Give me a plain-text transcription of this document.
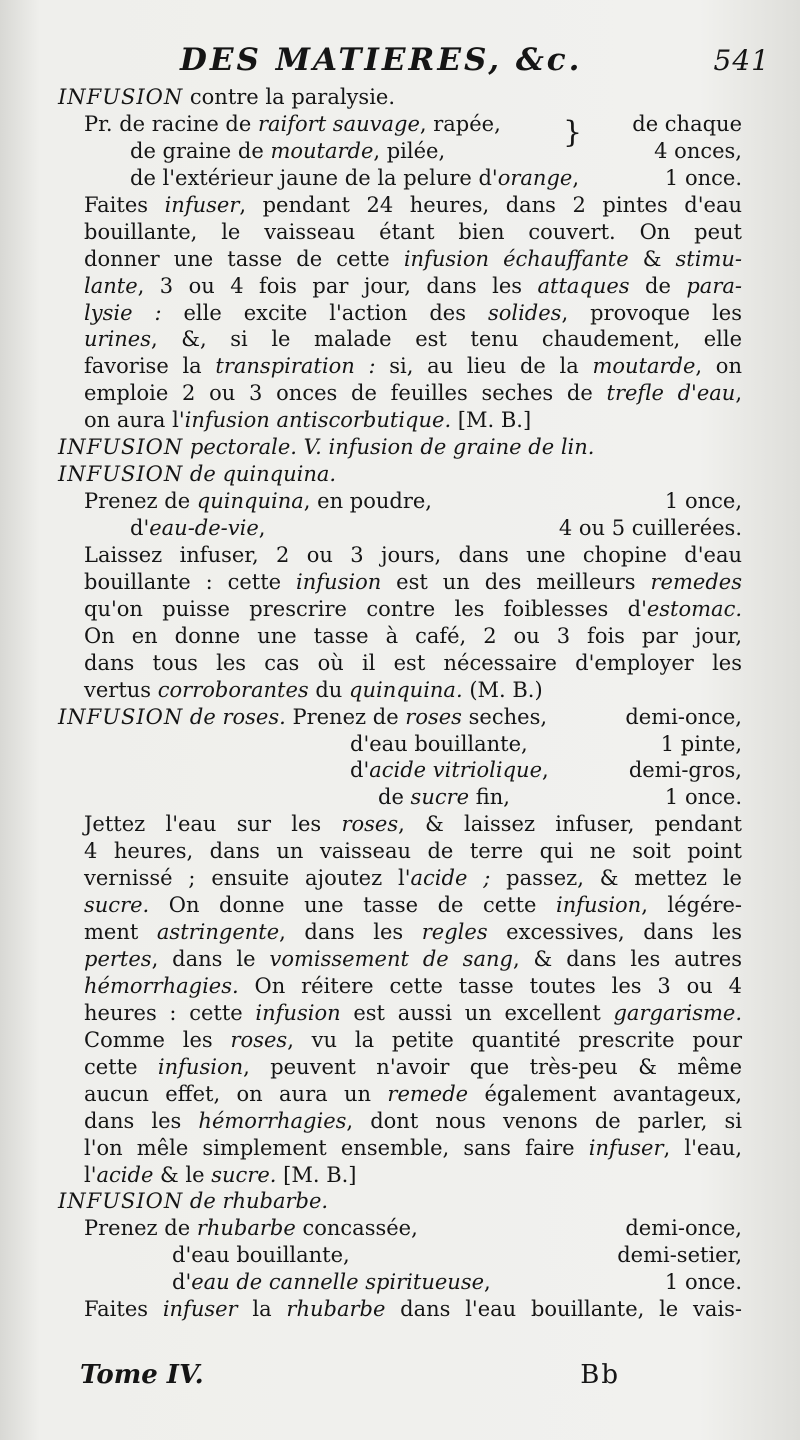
DES MATIERES, &c.	541
INFUSION contre la paralysie.
Pr. de racine de raifort sauvage, rapée, } de chaque
de graine de moutarde, pilée,	4 onces,
de l'extérieur jaune de la pelure d'orange,	1 once.
Faites infuser, pendant 24 heures, dans 2 pintes d'eau
bouillante, le vaisseau étant bien couvert. On peut
donner une tasse de cette infusion échauffante & stimu-
lante, 3 ou 4 fois par jour, dans les attaques de para-
lysie : elle excite l'action des solides, provoque les
urines, &, si le malade est tenu chaudement, elle
favorise la transpiration : si, au lieu de la moutarde, on
emploie 2 ou 3 onces de feuilles seches de trefle d'eau,
on aura l'infusion antiscorbutique. [M. B.]
INFUSION pectorale. V. infusion de graine de lin.
INFUSION de quinquina.
Prenez de quinquina, en poudre,	1 once,
d'eau-de-vie,	4 ou 5 cuillerées.
Laissez infuser, 2 ou 3 jours, dans une chopine d'eau
bouillante : cette infusion est un des meilleurs remedes
qu'on puisse prescrire contre les foiblesses d'estomac.
On en donne une tasse à café, 2 ou 3 fois par jour,
dans tous les cas où il est nécessaire d'employer les
vertus corroborantes du quinquina. (M. B.)
INFUSION de roses. Prenez de roses seches,	demi-once,
d'eau bouillante,	1 pinte,
d'acide vitriolique,	demi-gros,
de sucre fin,	1 once.
Jettez l'eau sur les roses, & laissez infuser, pendant
4 heures, dans un vaisseau de terre qui ne soit point
vernissé ; ensuite ajoutez l'acide ; passez, & mettez le
sucre. On donne une tasse de cette infusion, légére-
ment astringente, dans les regles excessives, dans les
pertes, dans le vomissement de sang, & dans les autres
hémorrhagies. On réitere cette tasse toutes les 3 ou 4
heures : cette infusion est aussi un excellent gargarisme.
Comme les roses, vu la petite quantité prescrite pour
cette infusion, peuvent n'avoir que très-peu & même
aucun effet, on aura un remede également avantageux,
dans les hémorrhagies, dont nous venons de parler, si
l'on mêle simplement ensemble, sans faire infuser, l'eau,
l'acide & le sucre. [M. B.]
INFUSION de rhubarbe.
Prenez de rhubarbe concassée,	demi-once,
d'eau bouillante,	demi-setier,
d'eau de cannelle spiritueuse,	1 once.
Faites infuser la rhubarbe dans l'eau bouillante, le vais-
Tome IV.	Bb
